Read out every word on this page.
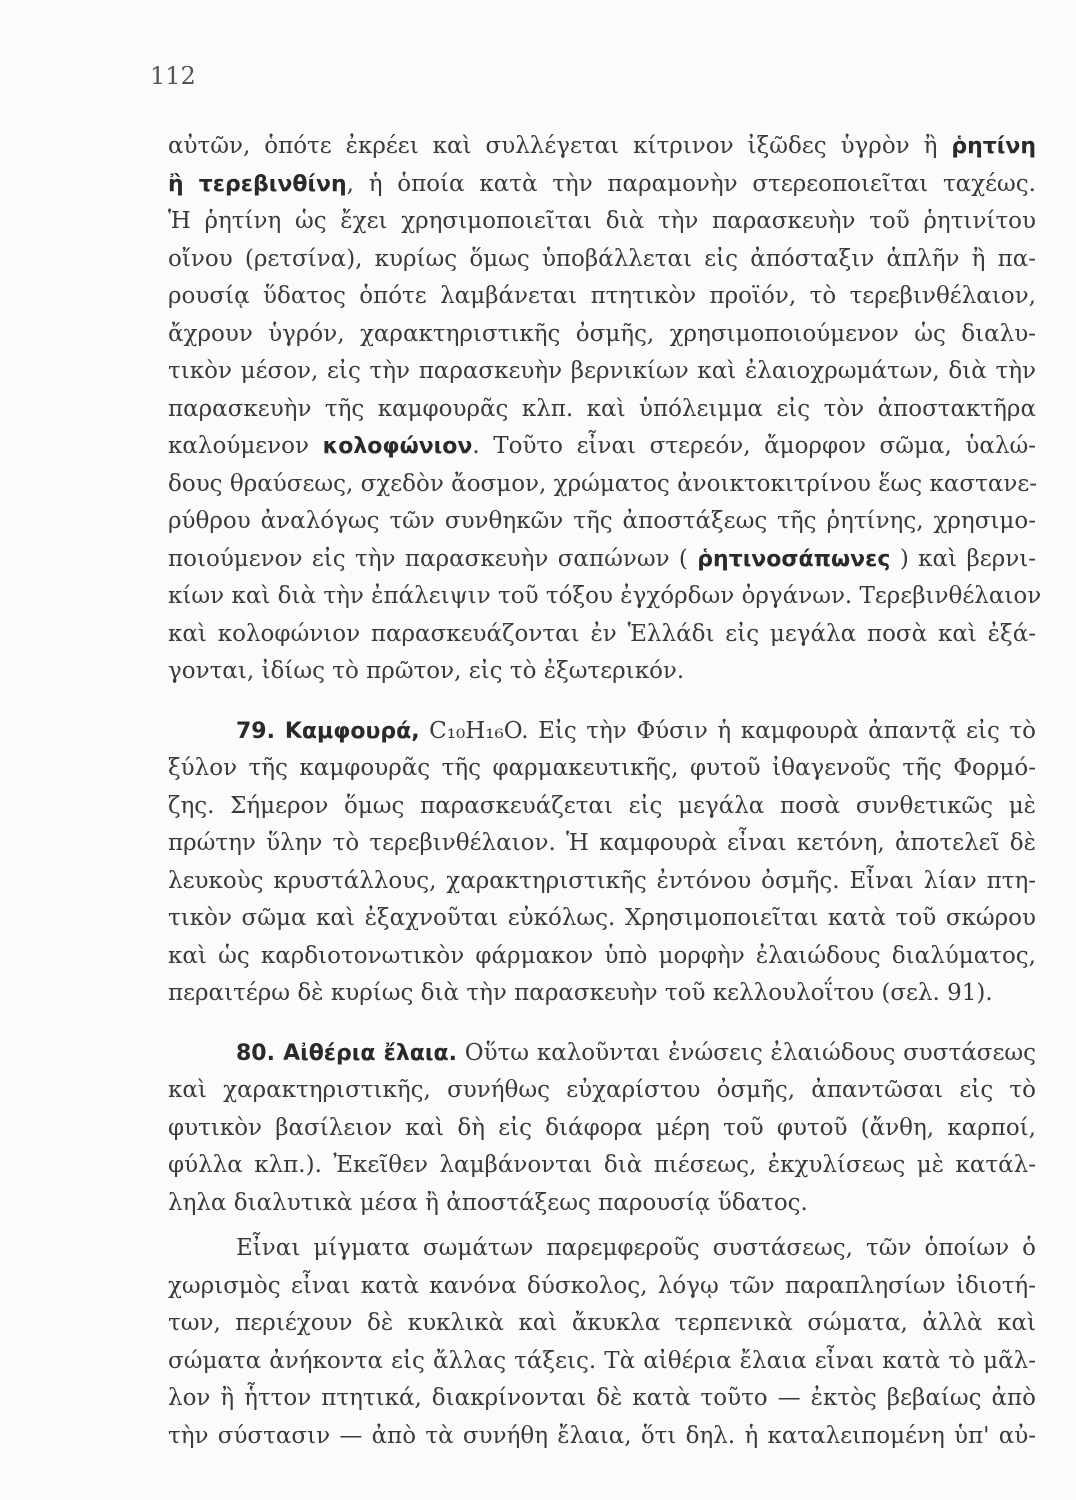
112
αὐτῶν, ὁπότε ἐκρέει καὶ συλλέγεται κίτρινον ἰξῶδες ὑγρὸν ἢ ῥητίνη
ἢ τερεβινθίνη, ἡ ὁποία κατὰ τὴν παραμονὴν στερεοποιεῖται ταχέως.
Ἡ ῥητίνη ὡς ἔχει χρησιμοποιεῖται διὰ τὴν παρασκευὴν τοῦ ῥητινίτου
οἴνου (ρετσίνα), κυρίως ὅμως ὑποβάλλεται εἰς ἀπόσταξιν ἁπλῆν ἢ πα-
ρουσίᾳ ὕδατος ὁπότε λαμβάνεται πτητικὸν προϊόν, τὸ τερεβινθέλαιον,
ἄχρουν ὑγρόν, χαρακτηριστικῆς ὀσμῆς, χρησιμοποιούμενον ὡς διαλυ-
τικὸν μέσον, εἰς τὴν παρασκευὴν βερνικίων καὶ ἐλαιοχρωμάτων, διὰ τὴν
παρασκευὴν τῆς καμφουρᾶς κλπ. καὶ ὑπόλειμμα εἰς τὸν ἀποστακτῆρα
καλούμενον κολοφώνιον. Τοῦτο εἶναι στερεόν, ἄμορφον σῶμα, ὑαλώ-
δους θραύσεως, σχεδὸν ἄοσμον, χρώματος ἀνοικτοκιτρίνου ἕως καστανε-
ρύθρου ἀναλόγως τῶν συνθηκῶν τῆς ἀποστάξεως τῆς ῥητίνης, χρησιμο-
ποιούμενον εἰς τὴν παρασκευὴν σαπώνων ( ῥητινοσάπωνες ) καὶ βερνι-
κίων καὶ διὰ τὴν ἐπάλειψιν τοῦ τόξου ἐγχόρδων ὀργάνων. Τερεβινθέλαιον
καὶ κολοφώνιον παρασκευάζονται ἐν Ἑλλάδι εἰς μεγάλα ποσὰ καὶ ἐξά-
γονται, ἰδίως τὸ πρῶτον, εἰς τὸ ἐξωτερικόν.
79. Καμφουρά, C₁₀H₁₆O. Εἰς τὴν Φύσιν ἡ καμφουρὰ ἀπαντᾷ εἰς τὸ
ξύλον τῆς καμφουρᾶς τῆς φαρμακευτικῆς, φυτοῦ ἰθαγενοῦς τῆς Φορμό-
ζης. Σήμερον ὅμως παρασκευάζεται εἰς μεγάλα ποσὰ συνθετικῶς μὲ
πρώτην ὕλην τὸ τερεβινθέλαιον. Ἡ καμφουρὰ εἶναι κετόνη, ἀποτελεῖ δὲ
λευκοὺς κρυστάλλους, χαρακτηριστικῆς ἐντόνου ὀσμῆς. Εἶναι λίαν πτη-
τικὸν σῶμα καὶ ἐξαχνοῦται εὐκόλως. Χρησιμοποιεῖται κατὰ τοῦ σκώρου
καὶ ὡς καρδιοτονωτικὸν φάρμακον ὑπὸ μορφὴν ἐλαιώδους διαλύματος,
περαιτέρω δὲ κυρίως διὰ τὴν παρασκευὴν τοῦ κελλουλοΐτου (σελ. 91).
80. Αἰθέρια ἔλαια. Οὕτω καλοῦνται ἐνώσεις ἐλαιώδους συστάσεως
καὶ χαρακτηριστικῆς, συνήθως εὐχαρίστου ὀσμῆς, ἀπαντῶσαι εἰς τὸ
φυτικὸν βασίλειον καὶ δὴ εἰς διάφορα μέρη τοῦ φυτοῦ (ἄνθη, καρποί,
φύλλα κλπ.). Ἐκεῖθεν λαμβάνονται διὰ πιέσεως, ἐκχυλίσεως μὲ κατάλ-
ληλα διαλυτικὰ μέσα ἢ ἀποστάξεως παρουσίᾳ ὕδατος.
Εἶναι μίγματα σωμάτων παρεμφεροῦς συστάσεως, τῶν ὁποίων ὁ
χωρισμὸς εἶναι κατὰ κανόνα δύσκολος, λόγῳ τῶν παραπλησίων ἰδιοτή-
των, περιέχουν δὲ κυκλικὰ καὶ ἄκυκλα τερπενικὰ σώματα, ἀλλὰ καὶ
σώματα ἀνήκοντα εἰς ἄλλας τάξεις. Τὰ αἰθέρια ἔλαια εἶναι κατὰ τὸ μᾶλ-
λον ἢ ἧττον πτητικά, διακρίνονται δὲ κατὰ τοῦτο — ἐκτὸς βεβαίως ἀπὸ
τὴν σύστασιν — ἀπὸ τὰ συνήθη ἔλαια, ὅτι δηλ. ἡ καταλειπομένη ὑπ' αὐ-
